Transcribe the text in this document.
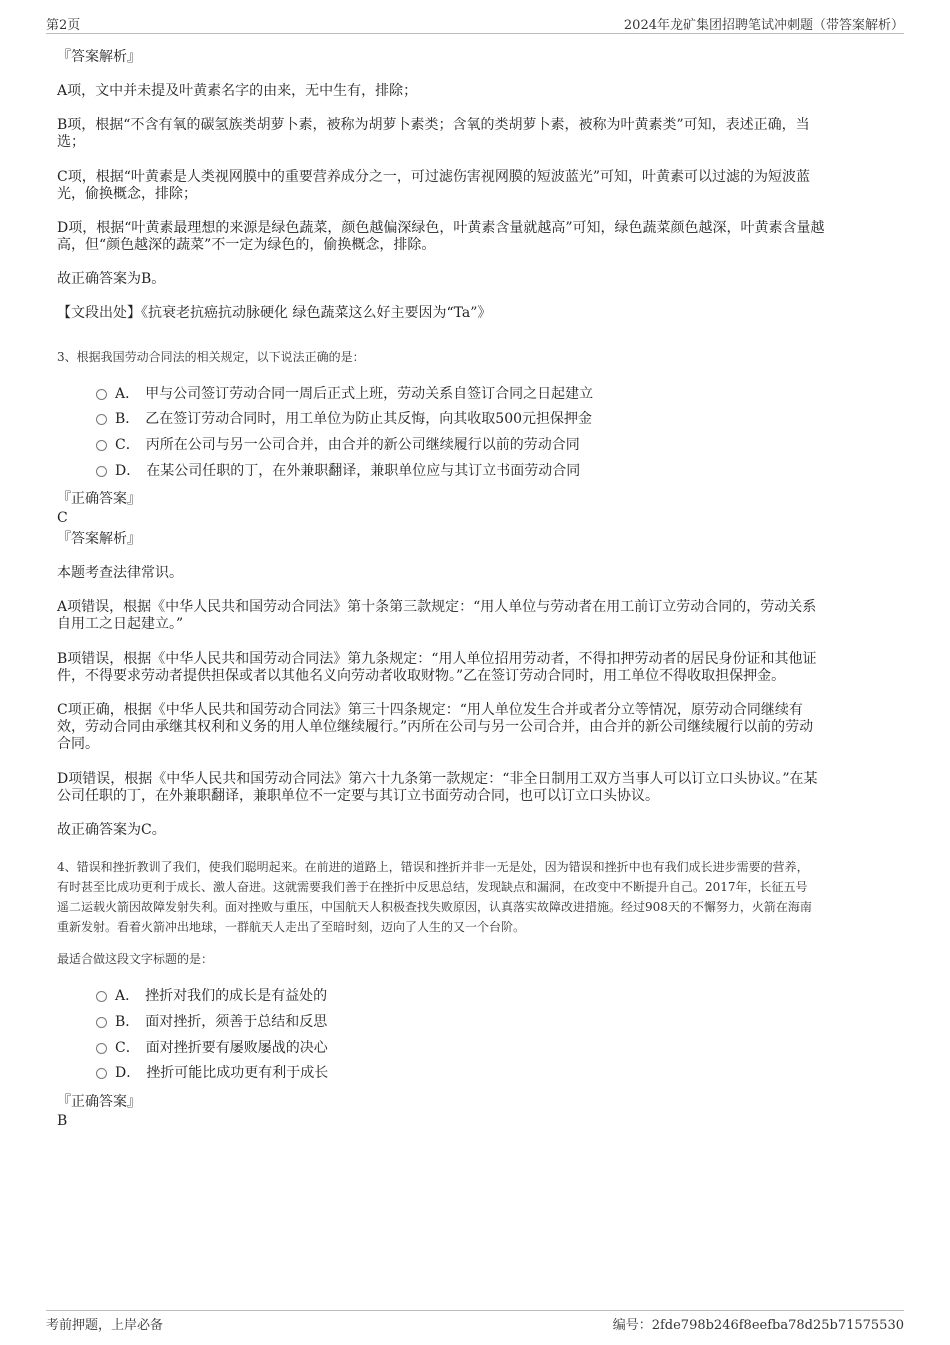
第2页	2024年龙矿集团招聘笔试冲刺题（带答案解析）
『答案解析』
A项，文中并未提及叶黄素名字的由来，无中生有，排除；
B项，根据“不含有氧的碳氢族类胡萝卜素，被称为胡萝卜素类；含氧的类胡萝卜素，被称为叶黄素类”可知，表述正确，当
选；
C项，根据“叶黄素是人类视网膜中的重要营养成分之一，可过滤伤害视网膜的短波蓝光”可知，叶黄素可以过滤的为短波蓝
光，偷换概念，排除；
D项，根据“叶黄素最理想的来源是绿色蔬菜，颜色越偏深绿色，叶黄素含量就越高”可知，绿色蔬菜颜色越深，叶黄素含量越
高，但“颜色越深的蔬菜”不一定为绿色的，偷换概念，排除。
故正确答案为B。
【文段出处】《抗衰老抗癌抗动脉硬化 绿色蔬菜这么好主要因为“Ta”》
3、根据我国劳动合同法的相关规定，以下说法正确的是：
A． 甲与公司签订劳动合同一周后正式上班，劳动关系自签订合同之日起建立
B． 乙在签订劳动合同时，用工单位为防止其反悔，向其收取500元担保押金
C． 丙所在公司与另一公司合并，由合并的新公司继续履行以前的劳动合同
D． 在某公司任职的丁，在外兼职翻译，兼职单位应与其订立书面劳动合同
『正确答案』
C
『答案解析』
本题考查法律常识。
A项错误，根据《中华人民共和国劳动合同法》第十条第三款规定：“用人单位与劳动者在用工前订立劳动合同的，劳动关系
自用工之日起建立。”
B项错误，根据《中华人民共和国劳动合同法》第九条规定：“用人单位招用劳动者，不得扣押劳动者的居民身份证和其他证
件，不得要求劳动者提供担保或者以其他名义向劳动者收取财物。”乙在签订劳动合同时，用工单位不得收取担保押金。
C项正确，根据《中华人民共和国劳动合同法》第三十四条规定：“用人单位发生合并或者分立等情况，原劳动合同继续有
效，劳动合同由承继其权利和义务的用人单位继续履行。”丙所在公司与另一公司合并，由合并的新公司继续履行以前的劳动
合同。
D项错误，根据《中华人民共和国劳动合同法》第六十九条第一款规定：“非全日制用工双方当事人可以订立口头协议。”在某
公司任职的丁，在外兼职翻译，兼职单位不一定要与其订立书面劳动合同，也可以订立口头协议。
故正确答案为C。
4、错误和挫折教训了我们，使我们聪明起来。在前进的道路上，错误和挫折并非一无是处，因为错误和挫折中也有我们成长进步需要的营养，
有时甚至比成功更利于成长、激人奋进。这就需要我们善于在挫折中反思总结，发现缺点和漏洞，在改变中不断提升自己。2017年，长征五号
遥二运载火箭因故障发射失利。面对挫败与重压，中国航天人积极查找失败原因，认真落实故障改进措施。经过908天的不懈努力，火箭在海南
重新发射。看着火箭冲出地球，一群航天人走出了至暗时刻，迈向了人生的又一个台阶。
最适合做这段文字标题的是：
A． 挫折对我们的成长是有益处的
B． 面对挫折，须善于总结和反思
C． 面对挫折要有屡败屡战的决心
D． 挫折可能比成功更有利于成长
『正确答案』
B
考前押题，上岸必备	编号：2fde798b246f8eefba78d25b71575530
